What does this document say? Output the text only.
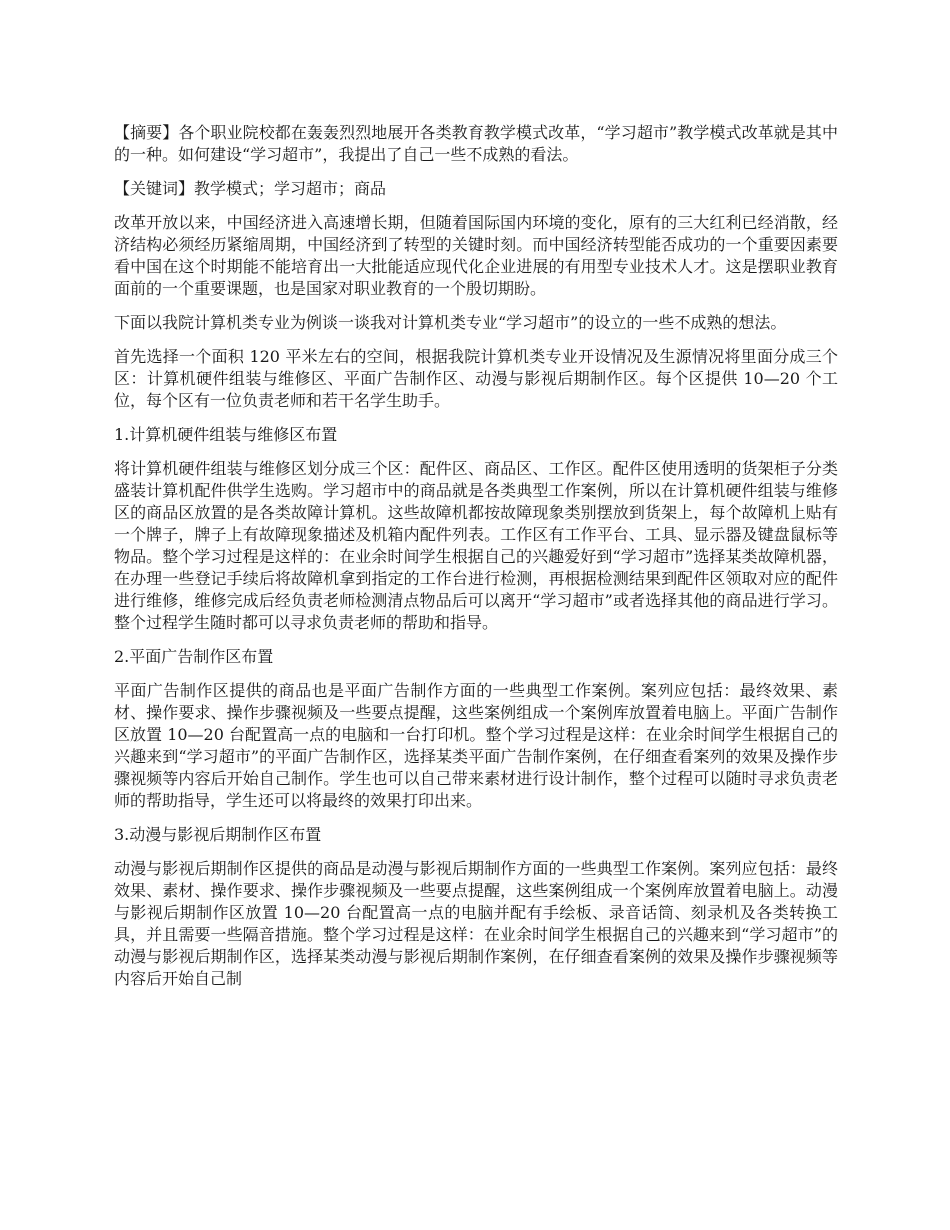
【摘要】各个职业院校都在轰轰烈烈地展开各类教育教学模式改革，“学习超市”教学模式改革就是其中的一种。如何建设“学习超市”，我提出了自己一些不成熟的看法。

【关键词】教学模式；学习超市；商品

改革开放以来，中国经济进入高速增长期，但随着国际国内环境的变化，原有的三大红利已经消散，经济结构必须经历紧缩周期，中国经济到了转型的关键时刻。而中国经济转型能否成功的一个重要因素要看中国在这个时期能不能培育出一大批能适应现代化企业进展的有用型专业技术人才。这是摆职业教育面前的一个重要课题，也是国家对职业教育的一个殷切期盼。

下面以我院计算机类专业为例谈一谈我对计算机类专业“学习超市”的设立的一些不成熟的想法。

首先选择一个面积 120 平米左右的空间，根据我院计算机类专业开设情况及生源情况将里面分成三个区：计算机硬件组装与维修区、平面广告制作区、动漫与影视后期制作区。每个区提供 10—20 个工位，每个区有一位负责老师和若干名学生助手。

1.计算机硬件组装与维修区布置

将计算机硬件组装与维修区划分成三个区：配件区、商品区、工作区。配件区使用透明的货架柜子分类盛装计算机配件供学生选购。学习超市中的商品就是各类典型工作案例，所以在计算机硬件组装与维修区的商品区放置的是各类故障计算机。这些故障机都按故障现象类别摆放到货架上，每个故障机上贴有一个牌子，牌子上有故障现象描述及机箱内配件列表。工作区有工作平台、工具、显示器及键盘鼠标等物品。整个学习过程是这样的：在业余时间学生根据自己的兴趣爱好到“学习超市”选择某类故障机器，在办理一些登记手续后将故障机拿到指定的工作台进行检测，再根据检测结果到配件区领取对应的配件进行维修，维修完成后经负责老师检测清点物品后可以离开“学习超市”或者选择其他的商品进行学习。整个过程学生随时都可以寻求负责老师的帮助和指导。

2.平面广告制作区布置

平面广告制作区提供的商品也是平面广告制作方面的一些典型工作案例。案列应包括：最终效果、素材、操作要求、操作步骤视频及一些要点提醒，这些案例组成一个案例库放置着电脑上。平面广告制作区放置 10—20 台配置高一点的电脑和一台打印机。整个学习过程是这样：在业余时间学生根据自己的兴趣来到“学习超市”的平面广告制作区，选择某类平面广告制作案例，在仔细查看案列的效果及操作步骤视频等内容后开始自己制作。学生也可以自己带来素材进行设计制作，整个过程可以随时寻求负责老师的帮助指导，学生还可以将最终的效果打印出来。

3.动漫与影视后期制作区布置

动漫与影视后期制作区提供的商品是动漫与影视后期制作方面的一些典型工作案例。案列应包括：最终效果、素材、操作要求、操作步骤视频及一些要点提醒，这些案例组成一个案例库放置着电脑上。动漫与影视后期制作区放置 10—20 台配置高一点的电脑并配有手绘板、录音话筒、刻录机及各类转换工具，并且需要一些隔音措施。整个学习过程是这样：在业余时间学生根据自己的兴趣来到“学习超市”的动漫与影视后期制作区，选择某类动漫与影视后期制作案例，在仔细查看案例的效果及操作步骤视频等内容后开始自己制
